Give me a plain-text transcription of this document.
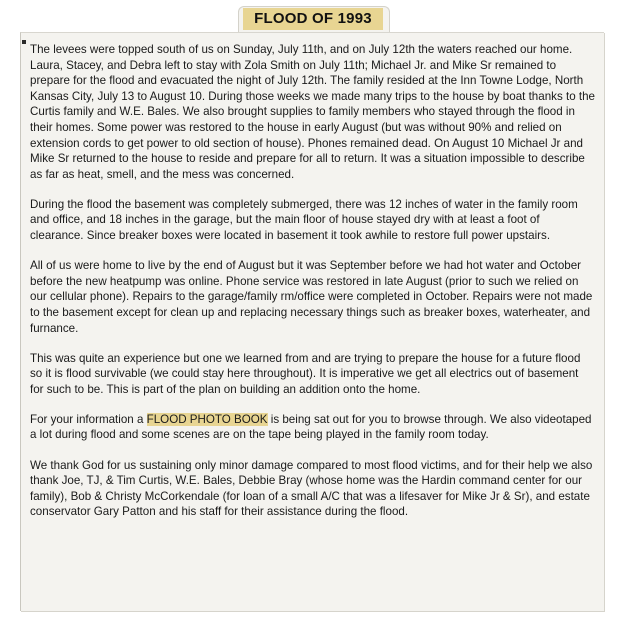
FLOOD OF 1993

The levees were topped south of us on Sunday, July 11th, and on July 12th the waters reached our home. Laura, Stacey, and Debra left to stay with Zola Smith on July 11th; Michael Jr. and Mike Sr remained to prepare for the flood and evacuated the night of July 12th. The family resided at the Inn Towne Lodge, North Kansas City, July 13 to August 10. During those weeks we made many trips to the house by boat thanks to the Curtis family and W.E. Bales. We also brought supplies to family members who stayed through the flood in their homes. Some power was restored to the house in early August (but was without 90% and relied on extension cords to get power to old section of house). Phones remained dead. On August 10 Michael Jr and Mike Sr returned to the house to reside and prepare for all to return. It was a situation impossible to describe as far as heat, smell, and the mess was concerned.

During the flood the basement was completely submerged, there was 12 inches of water in the family room and office, and 18 inches in the garage, but the main floor of house stayed dry with at least a foot of clearance. Since breaker boxes were located in basement it took awhile to restore full power upstairs.

All of us were home to live by the end of August but it was September before we had hot water and October before the new heatpump was online. Phone service was restored in late August (prior to such we relied on our cellular phone). Repairs to the garage/family rm/office were completed in October. Repairs were not made to the basement except for clean up and replacing necessary things such as breaker boxes, waterheater, and furnance.

This was quite an experience but one we learned from and are trying to prepare the house for a future flood so it is flood survivable (we could stay here throughout). It is imperative we get all electrics out of basement for such to be. This is part of the plan on building an addition onto the home.

For your information a FLOOD PHOTO BOOK is being sat out for you to browse through. We also videotaped a lot during flood and some scenes are on the tape being played in the family room today.

We thank God for us sustaining only minor damage compared to most flood victims, and for their help we also thank Joe, TJ, & Tim Curtis, W.E. Bales, Debbie Bray (whose home was the Hardin command center for our family), Bob & Christy McCorkendale (for loan of a small A/C that was a lifesaver for Mike Jr & Sr), and estate conservator Gary Patton and his staff for their assistance during the flood.
